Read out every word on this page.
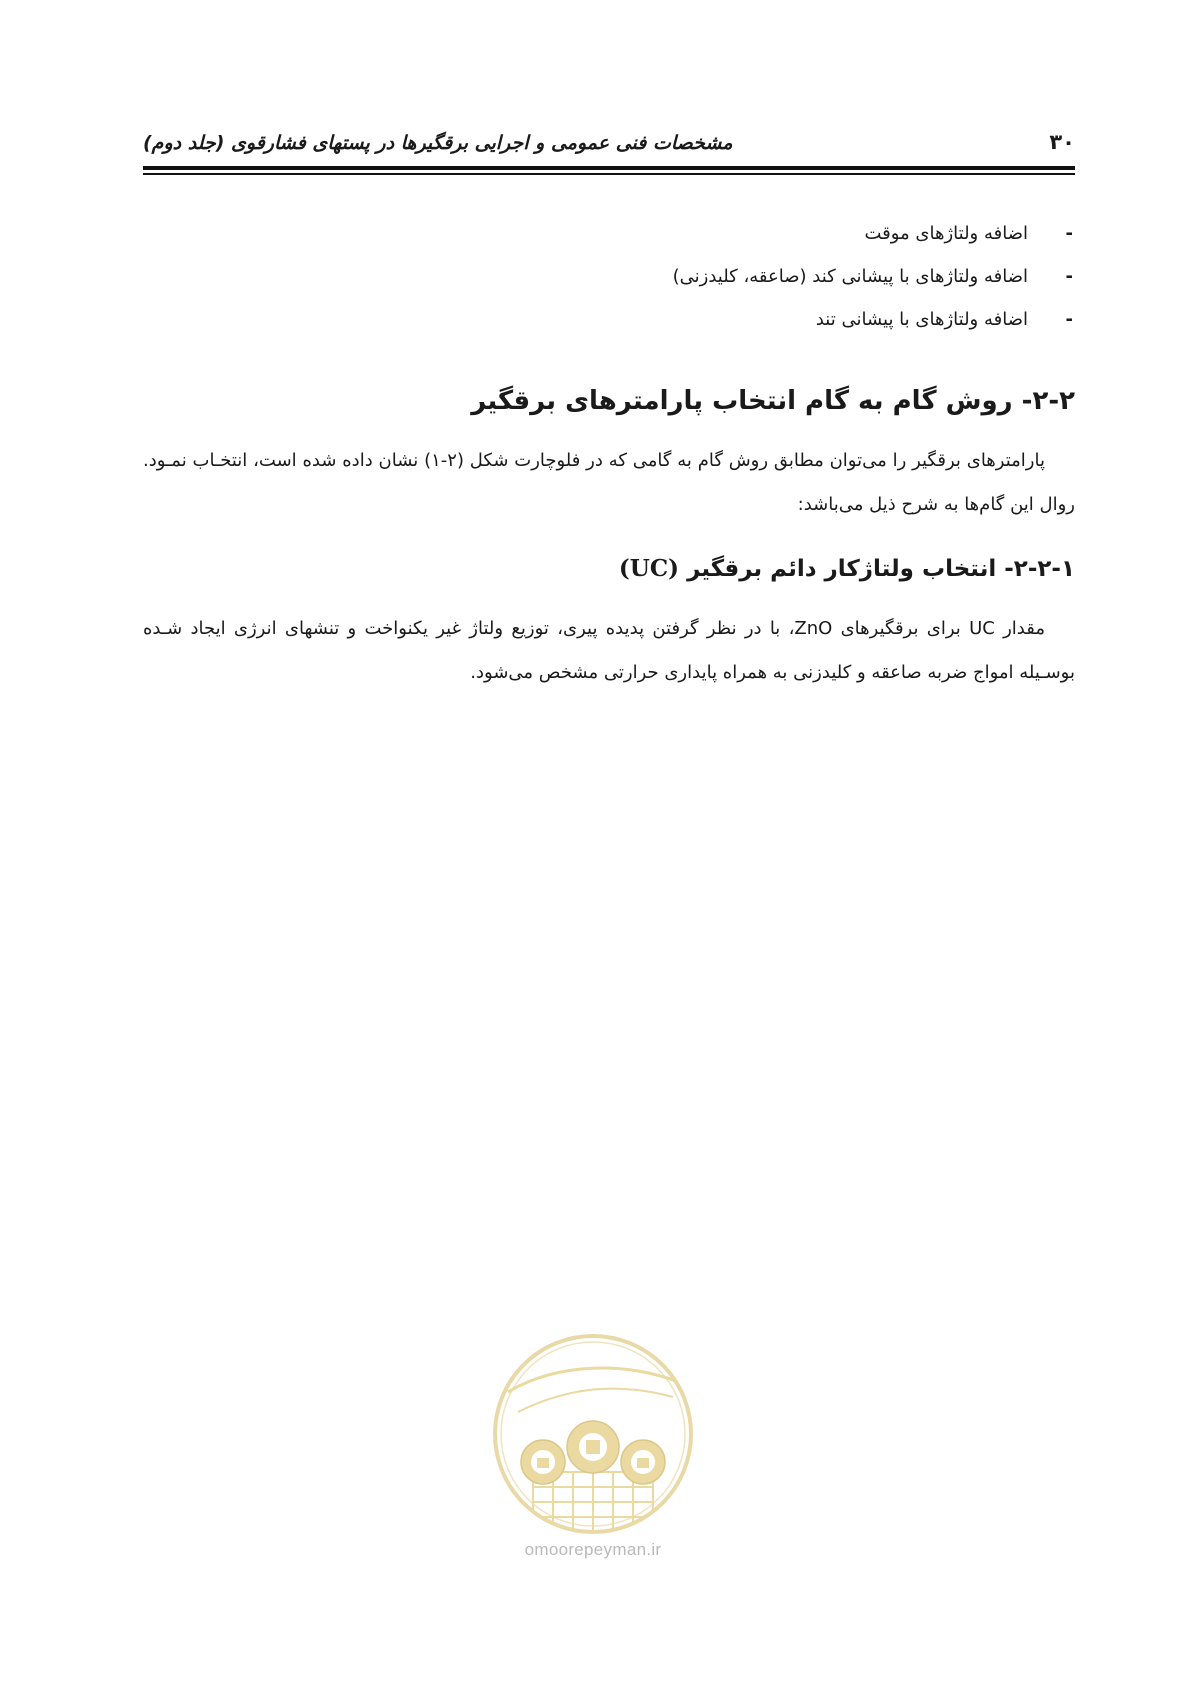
۳۰
مشخصات فنی عمومی و اجرایی برقگیرها در پستهای فشارقوی (جلد دوم)
-
اضافه ولتاژهای موقت
-
اضافه ولتاژهای با پیشانی کند (صاعقه، کلیدزنی)
-
اضافه ولتاژهای با پیشانی تند
۲-۲- روش گام به گام انتخاب پارامترهای برقگیر

پارامترهای برقگیر را می‌توان مطابق روش گام به گامی که در فلوچارت شکل (۲-۱) نشان داده شده است، انتخـاب نمـود. روال این گام‌ها به شرح ذیل می‌باشد:

۲-۲-۱- انتخاب ولتاژکار دائم برقگیر (UC)

مقدار UC برای برقگیرهای ZnO، با در نظر گرفتن پدیده پیری، توزیع ولتاژ غیر یکنواخت و تنشهای انرژی ایجاد شـده بوسـیله امواج ضربه صاعقه و کلیدزنی به همراه پایداری حرارتی مشخص می‌شود.

omoorepeyman.ir
